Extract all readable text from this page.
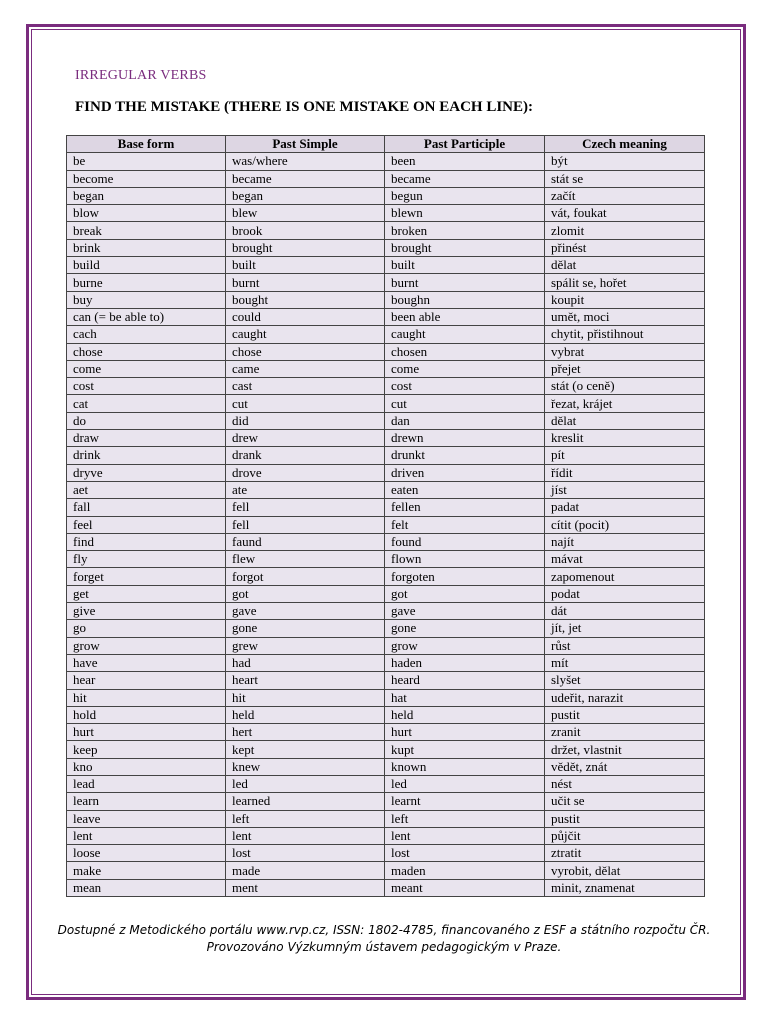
IRREGULAR VERBS
FIND THE MISTAKE (THERE IS ONE MISTAKE ON EACH LINE):
Base form	Past Simple	Past Participle	Czech meaning
be	was/where	been	být
become	became	became	stát se
began	began	begun	začít
blow	blew	blewn	vát, foukat
break	brook	broken	zlomit
brink	brought	brought	přinést
build	built	built	dělat
burne	burnt	burnt	spálit se, hořet
buy	bought	boughn	koupit
can (= be able to)	could	been able	umět, moci
cach	caught	caught	chytit, přistihnout
chose	chose	chosen	vybrat
come	came	come	přejet
cost	cast	cost	stát (o ceně)
cat	cut	cut	řezat, krájet
do	did	dan	dělat
draw	drew	drewn	kreslit
drink	drank	drunkt	pít
dryve	drove	driven	řídit
aet	ate	eaten	jíst
fall	fell	fellen	padat
feel	fell	felt	cítit (pocit)
find	faund	found	najít
fly	flew	flown	mávat
forget	forgot	forgoten	zapomenout
get	got	got	podat
give	gave	gave	dát
go	gone	gone	jít, jet
grow	grew	grow	růst
have	had	haden	mít
hear	heart	heard	slyšet
hit	hit	hat	udeřit, narazit
hold	held	held	pustit
hurt	hert	hurt	zranit
keep	kept	kupt	držet, vlastnit
kno	knew	known	vědět, znát
lead	led	led	nést
learn	learned	learnt	učit se
leave	left	left	pustit
lent	lent	lent	půjčit
loose	lost	lost	ztratit
make	made	maden	vyrobit, dělat
mean	ment	meant	minit, znamenat
Dostupné z Metodického portálu www.rvp.cz, ISSN: 1802-4785, financovaného z ESF a státního rozpočtu ČR.
Provozováno Výzkumným ústavem pedagogickým v Praze.
